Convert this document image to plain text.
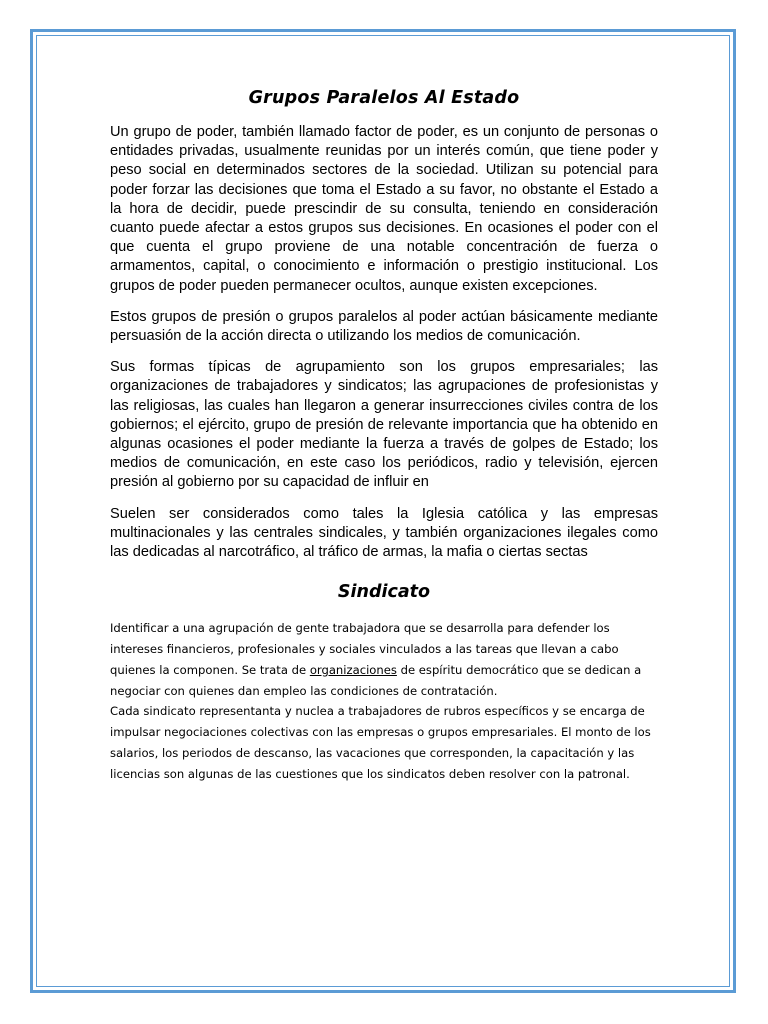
Grupos Paralelos Al Estado

Un grupo de poder, también llamado factor de poder, es un conjunto de personas o entidades privadas, usualmente reunidas por un interés común, que tiene poder y peso social en determinados sectores de la sociedad. Utilizan su potencial para poder forzar las decisiones que toma el Estado a su favor, no obstante el Estado a la hora de decidir, puede prescindir de su consulta, teniendo en consideración cuanto puede afectar a estos grupos sus decisiones. En ocasiones el poder con el que cuenta el grupo proviene de una notable concentración de fuerza o armamentos, capital, o conocimiento e información o prestigio institucional. Los grupos de poder pueden permanecer ocultos, aunque existen excepciones.

Estos grupos de presión o grupos paralelos al poder actúan básicamente mediante persuasión de la acción directa o utilizando los medios de comunicación.

Sus formas típicas de agrupamiento son los grupos empresariales; las organizaciones de trabajadores y sindicatos; las agrupaciones de profesionistas y las religiosas, las cuales han llegaron a generar insurrecciones civiles contra de los gobiernos; el ejército, grupo de presión de relevante importancia que ha obtenido en algunas ocasiones el poder mediante la fuerza a través de golpes de Estado; los medios de comunicación, en este caso los periódicos, radio y televisión, ejercen presión al gobierno por su capacidad de influir en

Suelen ser considerados como tales la Iglesia católica y las empresas multinacionales y las centrales sindicales, y también organizaciones ilegales como las dedicadas al narcotráfico, al tráfico de armas, la mafia o ciertas sectas

Sindicato
Identificar a una agrupación de gente trabajadora que se desarrolla para defender los intereses financieros, profesionales y sociales vinculados a las tareas que llevan a cabo quienes la componen. Se trata de organizaciones de espíritu democrático que se dedican a negociar con quienes dan empleo las condiciones de contratación.
Cada sindicato representanta y nuclea a trabajadores de rubros específicos y se encarga de impulsar negociaciones colectivas con las empresas o grupos empresariales. El monto de los salarios, los periodos de descanso, las vacaciones que corresponden, la capacitación y las licencias son algunas de las cuestiones que los sindicatos deben resolver con la patronal.
